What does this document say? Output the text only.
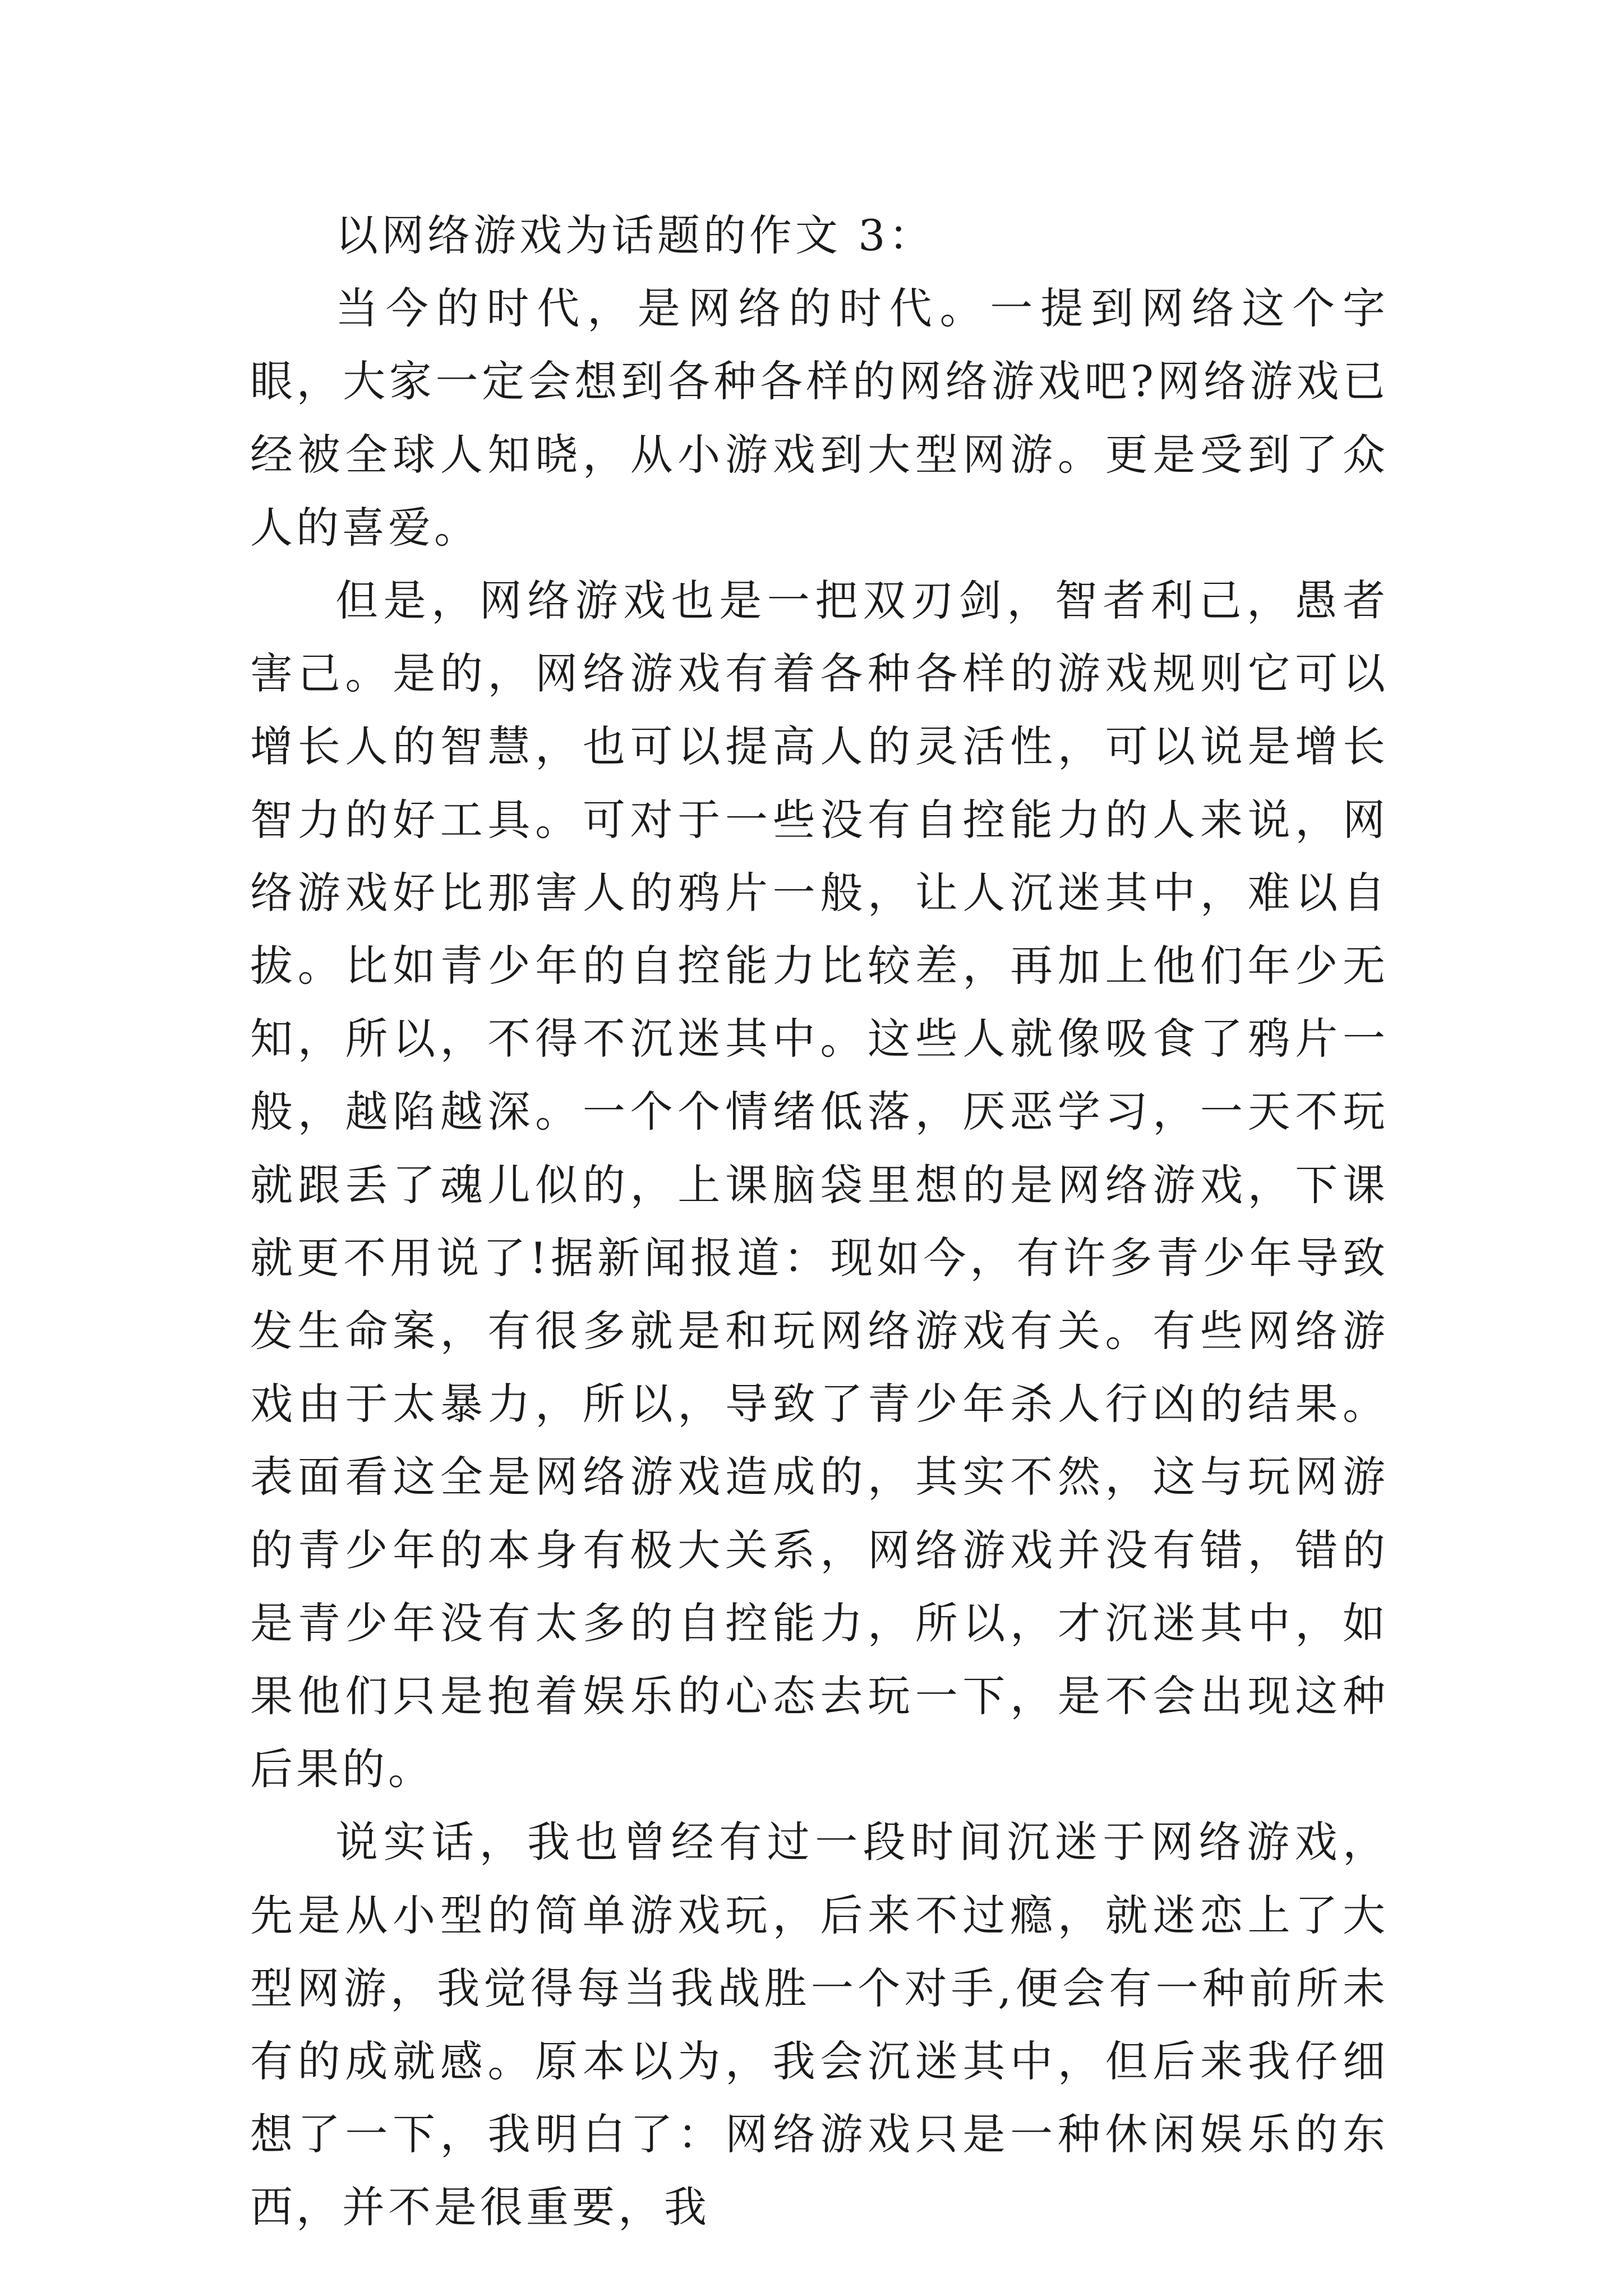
以网络游戏为话题的作文 3：

当今的时代，是网络的时代。一提到网络这个字眼，大家一定会想到各种各样的网络游戏吧?网络游戏已经被全球人知晓，从小游戏到大型网游。更是受到了众人的喜爱。

但是，网络游戏也是一把双刃剑，智者利己，愚者害己。是的，网络游戏有着各种各样的游戏规则它可以增长人的智慧，也可以提高人的灵活性，可以说是增长智力的好工具。可对于一些没有自控能力的人来说，网络游戏好比那害人的鸦片一般，让人沉迷其中，难以自拔。比如青少年的自控能力比较差，再加上他们年少无知，所以，不得不沉迷其中。这些人就像吸食了鸦片一般，越陷越深。一个个情绪低落，厌恶学习，一天不玩就跟丢了魂儿似的，上课脑袋里想的是网络游戏，下课就更不用说了!据新闻报道：现如今，有许多青少年导致发生命案，有很多就是和玩网络游戏有关。有些网络游戏由于太暴力，所以，导致了青少年杀人行凶的结果。表面看这全是网络游戏造成的，其实不然，这与玩网游的青少年的本身有极大关系，网络游戏并没有错，错的是青少年没有太多的自控能力，所以，才沉迷其中，如果他们只是抱着娱乐的心态去玩一下，是不会出现这种后果的。

说实话，我也曾经有过一段时间沉迷于网络游戏，先是从小型的简单游戏玩，后来不过瘾，就迷恋上了大型网游，我觉得每当我战胜一个对手,便会有一种前所未有的成就感。原本以为，我会沉迷其中，但后来我仔细想了一下，我明白了：网络游戏只是一种休闲娱乐的东西，并不是很重要，我
